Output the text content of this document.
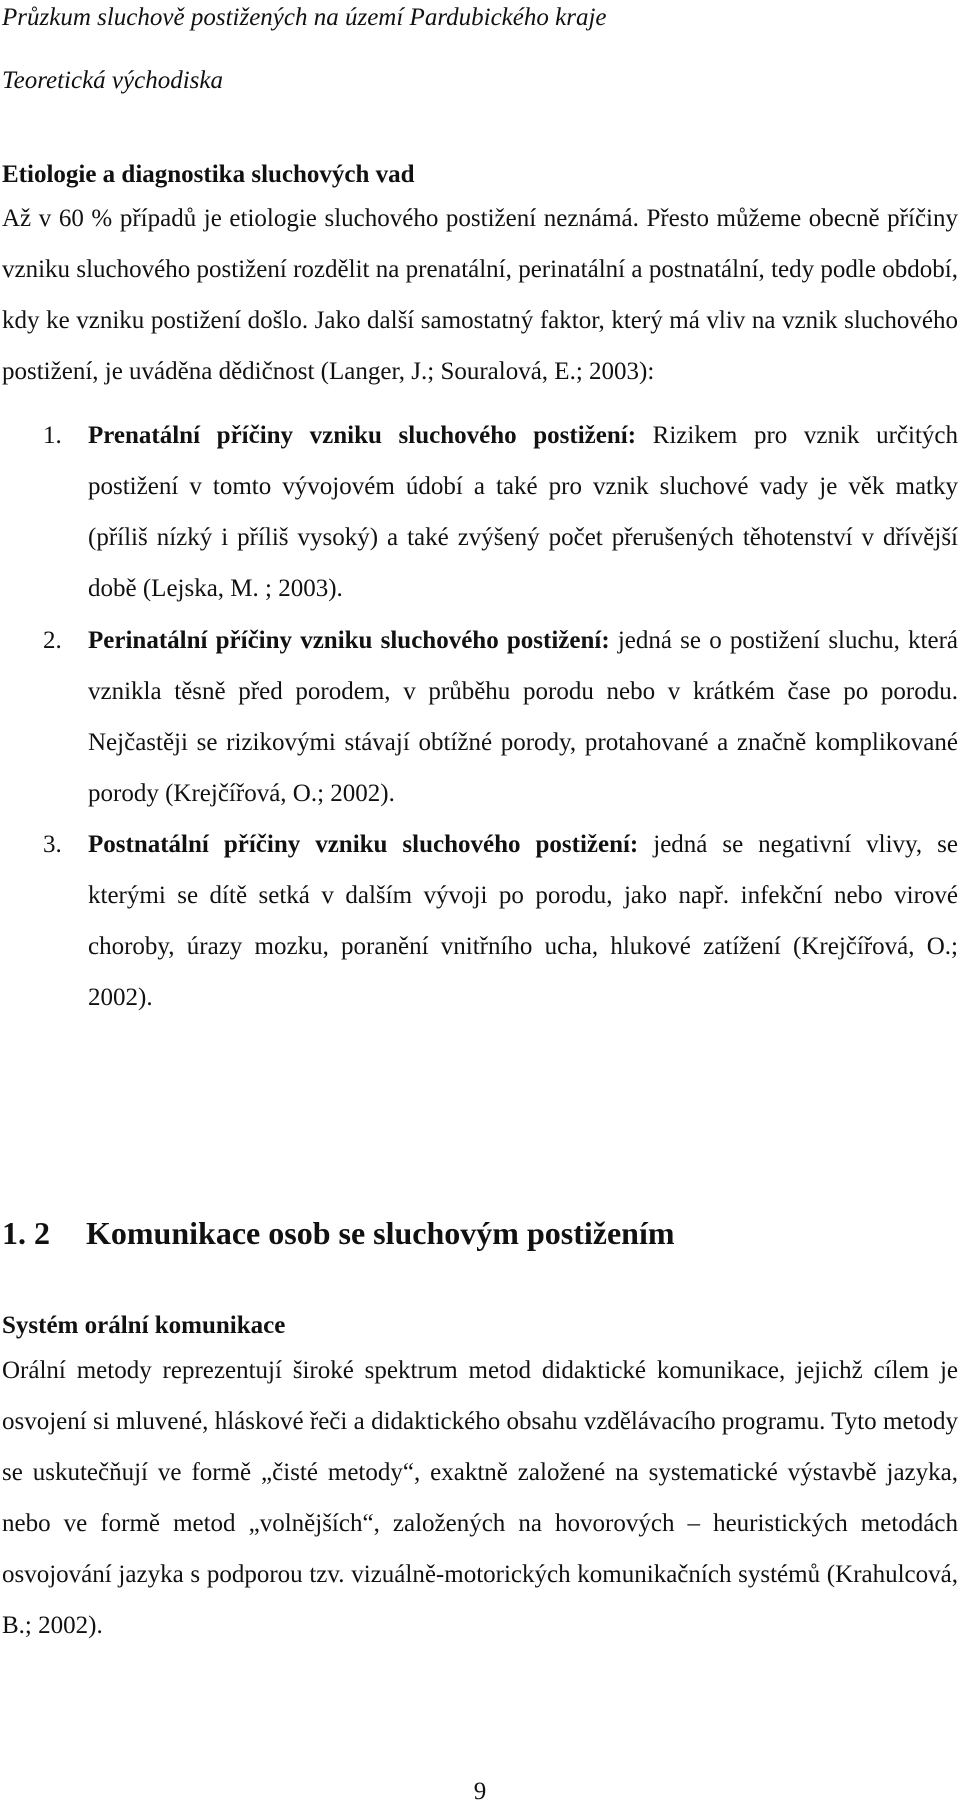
Průzkum sluchově postižených na území Pardubického kraje
Teoretická východiska
Etiologie a diagnostika sluchových vad

Až v 60 % případů je etiologie sluchového postižení neznámá. Přesto můžeme obecně příčiny vzniku sluchového postižení rozdělit na prenatální, perinatální a postnatální, tedy podle období, kdy ke vzniku postižení došlo. Jako další samostatný faktor, který má vliv na vznik sluchového postižení, je uváděna dědičnost (Langer, J.; Souralová, E.; 2003):

1. Prenatální příčiny vzniku sluchového postižení: Rizikem pro vznik určitých postižení v tomto vývojovém údobí a také pro vznik sluchové vady je věk matky (příliš nízký i příliš vysoký) a také zvýšený počet přerušených těhotenství v dřívější době (Lejska, M. ; 2003).
2. Perinatální příčiny vzniku sluchového postižení: jedná se o postižení sluchu, která vznikla těsně před porodem, v průběhu porodu nebo v krátkém čase po porodu. Nejčastěji se rizikovými stávají obtížné porody, protahované a značně komplikované porody (Krejčířová, O.; 2002).
3. Postnatální příčiny vzniku sluchového postižení: jedná se negativní vlivy, se kterými se dítě setká v dalším vývoji po porodu, jako např. infekční nebo virové choroby, úrazy mozku, poranění vnitřního ucha, hlukové zatížení (Krejčířová, O.; 2002).
1. 2 Komunikace osob se sluchovým postižením
Systém orální komunikace

Orální metody reprezentují široké spektrum metod didaktické komunikace, jejichž cílem je osvojení si mluvené, hláskové řeči a didaktického obsahu vzdělávacího programu. Tyto metody se uskutečňují ve formě „čisté metody“, exaktně založené na systematické výstavbě jazyka, nebo ve formě metod „volnějších“, založených na hovorových – heuristických metodách osvojování jazyka s podporou tzv. vizuálně-motorických komunikačních systémů (Krahulcová, B.; 2002).

9
